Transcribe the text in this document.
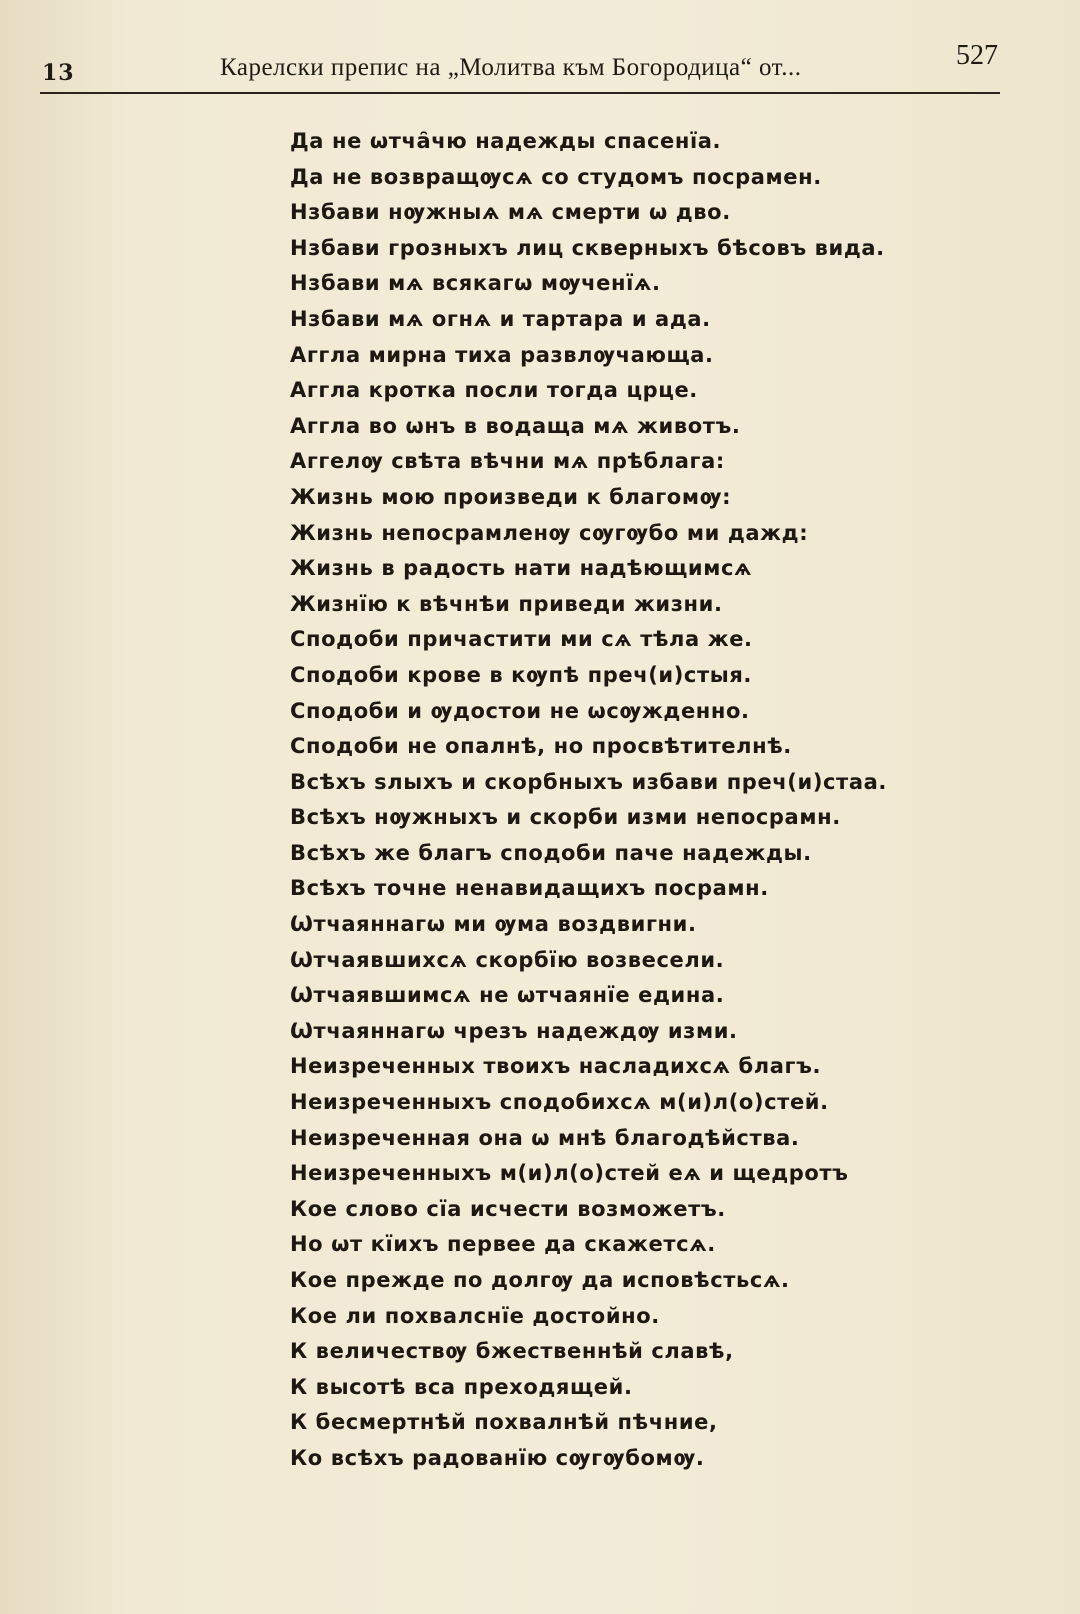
13	Карелски препис на „Молитва към Богородица“ от...	527
Да не ѡтча̑чю надежды спасенїа.
Да не возвращѹсѧ со студомъ посрамен.
Нзбави нѹжныѧ мѧ смерти ѡ дво.
Нзбави грозныхъ лиц скверныхъ бѣсовъ вида.
Нзбави мѧ всякагѡ мѹченїѧ.
Нзбави мѧ огнѧ и тартара и ада.
Аггла мирна тиха развлѹчающа.
Аггла кротка посли тогда црце.
Аггла во ѡнъ в водаща мѧ животъ.
Аггелѹ свѣта вѣчни мѧ прѣблага:
Жизнь мою произведи к благомѹ:
Жизнь непосрамленѹ сѹгѹбо ми дажд:
Жизнь в радость нати надѣющимсѧ
Жизнїю к вѣчнѣи приведи жизни.
Сподоби причастити ми сѧ тѣла же.
Сподоби крове в кѹпѣ преч(и)стыя.
Сподоби и ѹдостои не ѡсѹжденно.
Сподоби не опалнѣ, но просвѣтителнѣ.
Всѣхъ ѕлыхъ и скорбныхъ избави преч(и)стаа.
Всѣхъ нѹжныхъ и скорби изми непосрамн.
Всѣхъ же благъ сподоби паче надежды.
Всѣхъ точне ненавидащихъ посрамн.
Ѡтчаяннагѡ ми ѹма воздвигни.
Ѡтчаявшихсѧ скорбїю возвесели.
Ѡтчаявшимсѧ не ѡтчаянїе едина.
Ѡтчаяннагѡ чрезъ надеждѹ изми.
Неизреченных твоихъ насладихсѧ благъ.
Неизреченныхъ сподобихсѧ м(и)л(о)стей.
Неизреченная она ѡ мнѣ благодѣйства.
Неизреченныхъ м(и)л(о)стей еѧ и щедротъ
Кое слово сїа исчести возможетъ.
Но ѡт кїихъ первее да скажетсѧ.
Кое прежде по долгѹ да исповѣстьсѧ.
Кое ли похвалснїе достойно.
К величествѹ бжественнѣй славѣ,
К высотѣ вса преходящей.
К бесмертнѣй похвалнѣй пѣчние,
Ко всѣхъ радованїю сѹгѹбомѹ.
